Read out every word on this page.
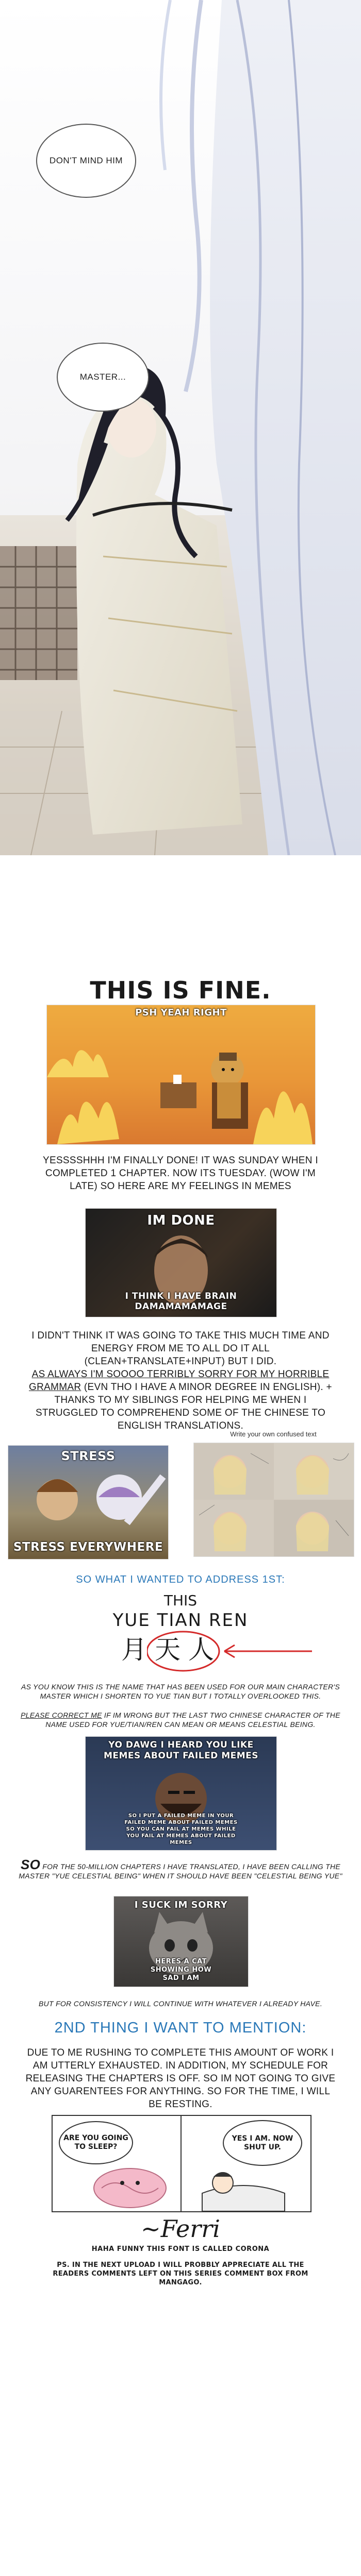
DON'T MIND HIM
MASTER...
THIS IS FINE.
PSH YEAH RIGHT
YESSSSHHH I'M FINALLY DONE! IT WAS SUNDAY WHEN I COMPLETED 1 CHAPTER. NOW ITS TUESDAY. (WOW I'M LATE) SO HERE ARE MY FEELINGS IN MEMES
IM DONE
I THINK I HAVE BRAIN DAMAMAMAMAGE
I DIDN'T THINK IT WAS GOING TO TAKE THIS MUCH TIME AND ENERGY FROM ME TO ALL DO IT ALL (CLEAN+TRANSLATE+INPUT) BUT I DID.
AS ALWAYS I'M SOOOO TERRIBLY SORRY FOR MY HORRIBLE GRAMMAR (EVN THO I HAVE A MINOR DEGREE IN ENGLISH). + THANKS TO MY SIBLINGS FOR HELPING ME WHEN I STRUGGLED TO COMPREHEND SOME OF THE CHINESE TO ENGLISH TRANSLATIONS.
Write your own confused text
STRESS
STRESS EVERYWHERE
SO WHAT I WANTED TO ADDRESS 1ST:
THIS
YUE TIAN REN
月 天 人
AS YOU KNOW THIS IS THE NAME THAT HAS BEEN USED FOR OUR MAIN CHARACTER'S MASTER WHICH I SHORTEN TO YUE TIAN BUT I TOTALLY OVERLOOKED THIS.
PLEASE CORRECT ME IF IM WRONG BUT THE LAST TWO CHINESE CHARACTER OF THE NAME USED FOR YUE/TIAN/REN CAN MEAN OR MEANS CELESTIAL BEING.
YO DAWG I HEARD YOU LIKE MEMES ABOUT FAILED MEMES
SO I PUT A FAILED MEME IN YOUR FAILED MEME ABOUT FAILED MEMES SO YOU CAN FAIL AT MEMES WHILE YOU FAIL AT MEMES ABOUT FAILED MEMES
SO FOR THE 50-MILLION CHAPTERS I HAVE TRANSLATED, I HAVE BEEN CALLING THE MASTER "YUE CELESTIAL BEING" WHEN IT SHOULD HAVE BEEN "CELESTIAL BEING YUE"
I SUCK IM SORRY
HERES A CAT SHOWING HOW SAD I AM
BUT FOR CONSISTENCY I WILL CONTINUE WITH WHATEVER I ALREADY HAVE.
2ND THING I WANT TO MENTION:
DUE TO ME RUSHING TO COMPLETE THIS AMOUNT OF WORK I AM UTTERLY EXHAUSTED. IN ADDITION, MY SCHEDULE FOR RELEASING THE CHAPTERS IS OFF. SO IM NOT GOING TO GIVE ANY GUARENTEES FOR ANYTHING. SO FOR THE TIME, I WILL BE RESTING.
ARE YOU GOING TO SLEEP?
YES I AM. NOW SHUT UP.
~Ferri
HAHA FUNNY THIS FONT IS CALLED CORONA
PS. IN THE NEXT UPLOAD I WILL PROBBLY APPRECIATE ALL THE READERS COMMENTS LEFT ON THIS SERIES COMMENT BOX FROM MANGAGO.
